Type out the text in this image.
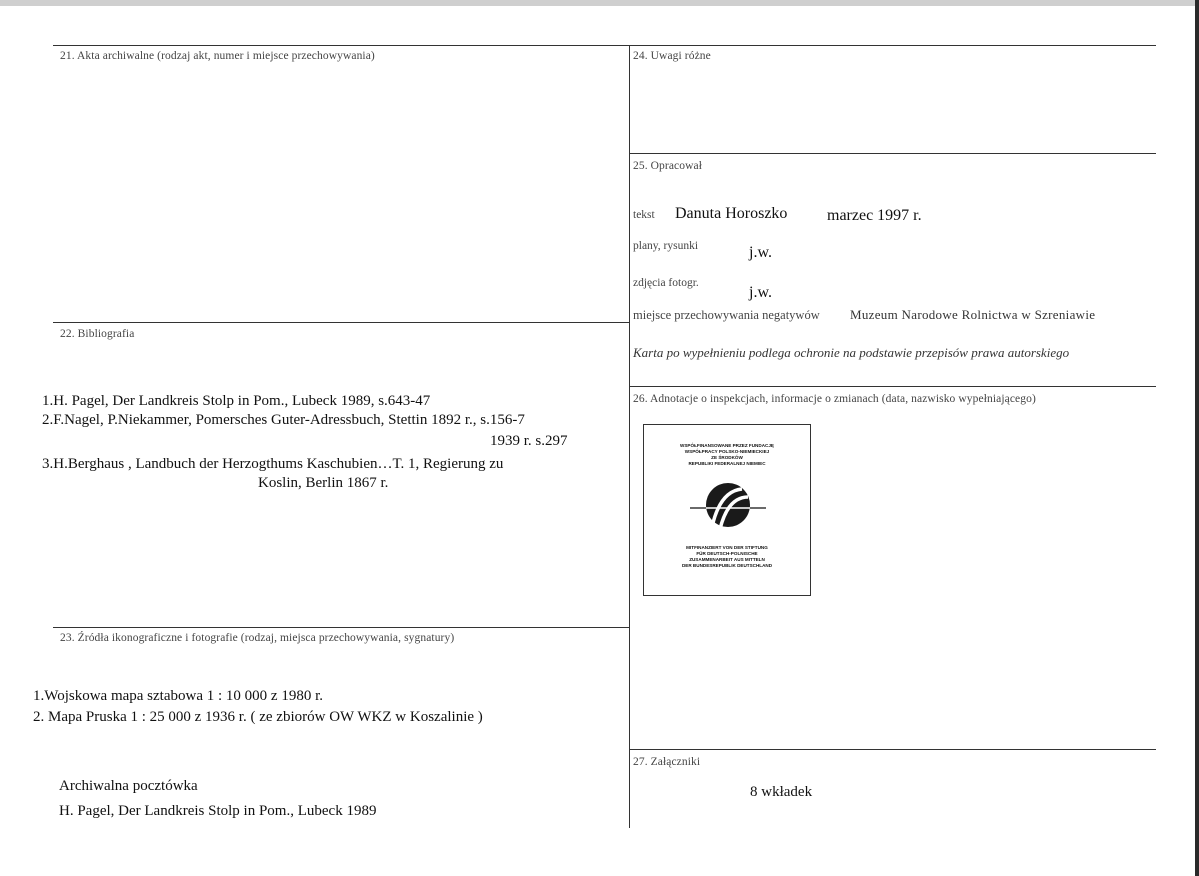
21. Akta archiwalne (rodzaj akt, numer i miejsce przechowywania)
22. Bibliografia
1.H. Pagel, Der Landkreis Stolp in Pom., Lubeck 1989, s.643-47
2.F.Nagel, P.Niekammer, Pomersches Guter-Adressbuch, Stettin 1892 r., s.156-7
1939 r. s.297
3.H.Berghaus , Landbuch der Herzogthums Kaschubien…T. 1, Regierung zu
Koslin, Berlin 1867 r.
23. Źródła ikonograficzne i fotografie (rodzaj, miejsca przechowywania, sygnatury)
1.Wojskowa mapa sztabowa 1 : 10 000 z 1980 r.
2. Mapa Pruska 1 : 25 000 z 1936 r. ( ze zbiorów OW WKZ w Koszalinie )
Archiwalna pocztówka
H. Pagel, Der Landkreis Stolp in Pom., Lubeck 1989
24. Uwagi różne
25. Opracował
tekst Danuta Horoszko marzec 1997 r.
plany, rysunki	j.w.
zdjęcia fotogr.
j.w.
miejsce przechowywania negatywów Muzeum Narodowe Rolnictwa w Szreniawie
Karta po wypełnieniu podlega ochronie na podstawie przepisów prawa autorskiego
26. Adnotacje o inspekcjach, informacje o zmianach (data, nazwisko wypełniającego)
WSPÓŁFINANSOWANE PRZEZ FUNDACJĘ
WSPÓŁPRACY POLSKO-NIEMIECKIEJ
ZE ŚRODKÓW
REPUBLIKI FEDERALNEJ NIEMIEC
MITFINANZIERT VON DER STIFTUNG
FÜR DEUTSCH-POLNISCHE
ZUSAMMENARBEIT AUS MITTELN
DER BUNDESREPUBLIK DEUTSCHLAND
27. Załączniki
8 wkładek
